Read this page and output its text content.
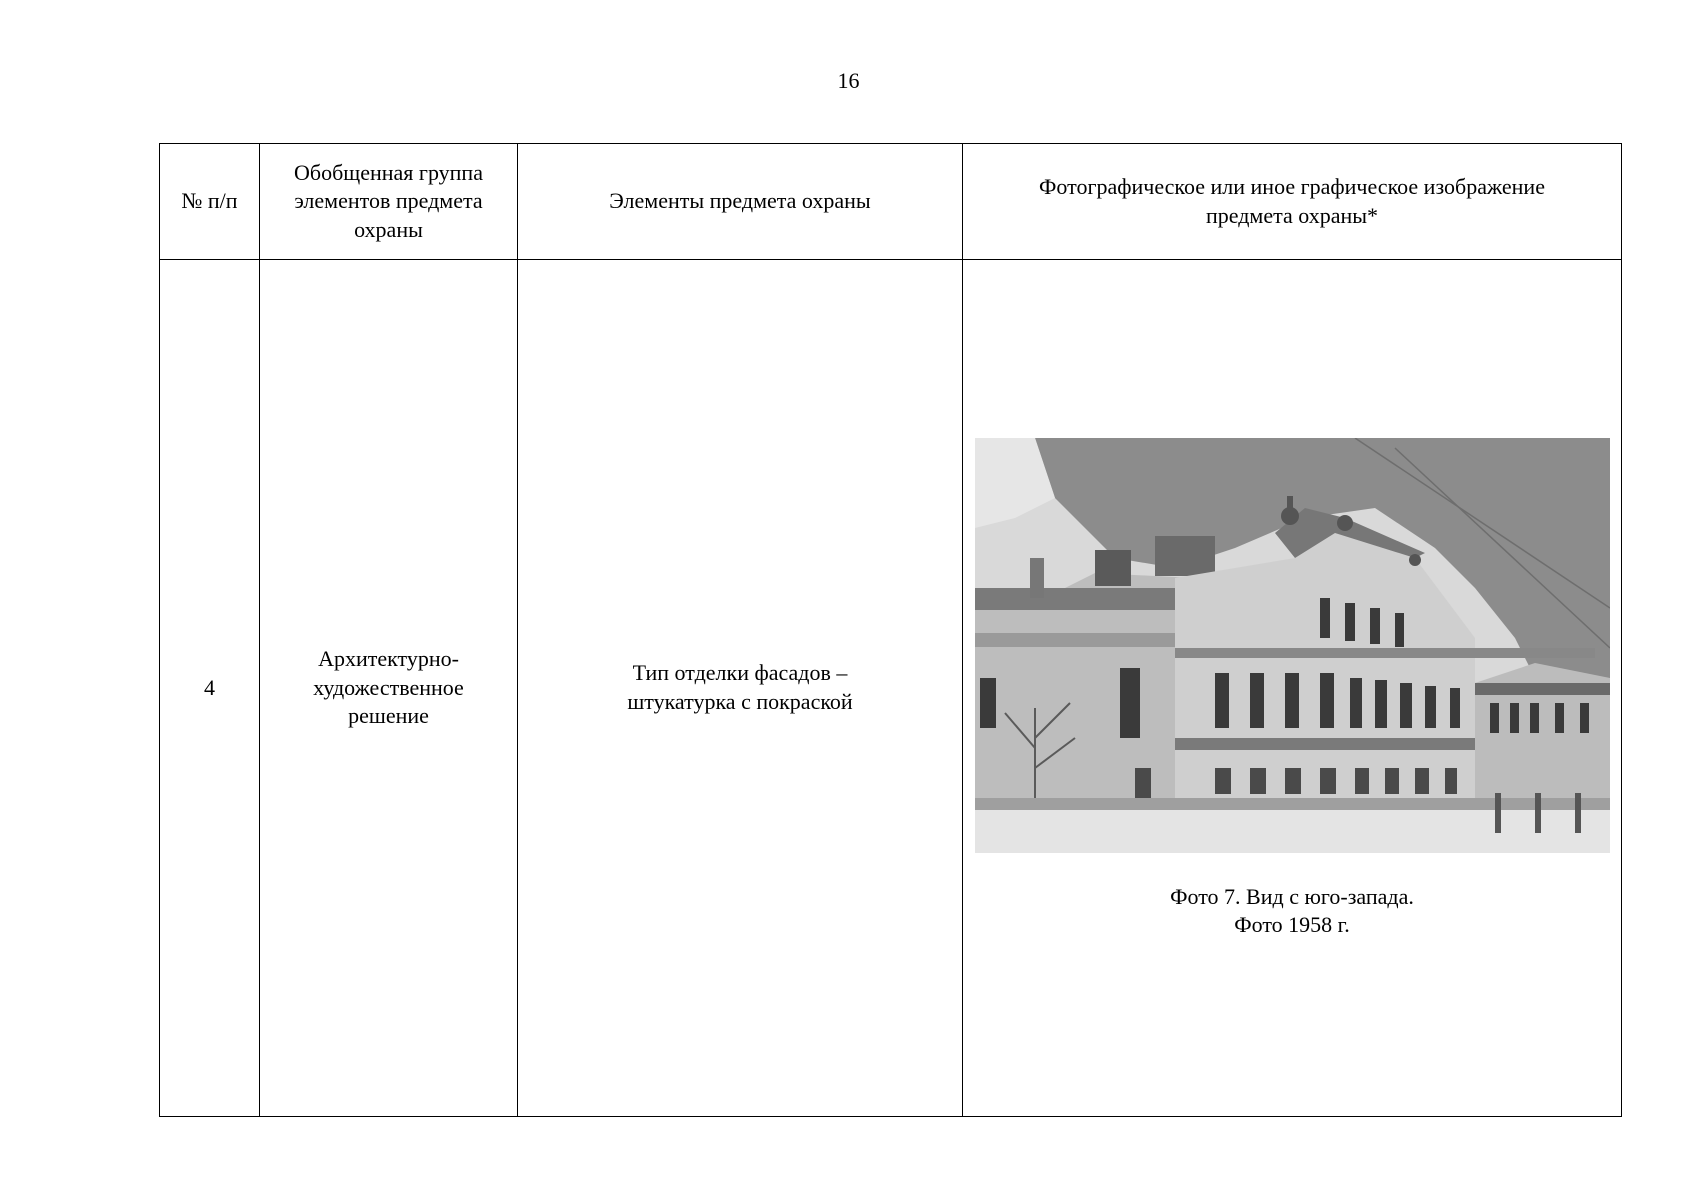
16
№ п/п	Обобщенная группа элементов предмета охраны	Элементы предмета охраны	Фотографическое или иное графическое изображение предмета охраны*
4	Архитектурно-художественное решение	Тип отделки фасадов – штукатурка с покраской	Фото 7. Вид с юго-запада.
Фото 1958 г.
